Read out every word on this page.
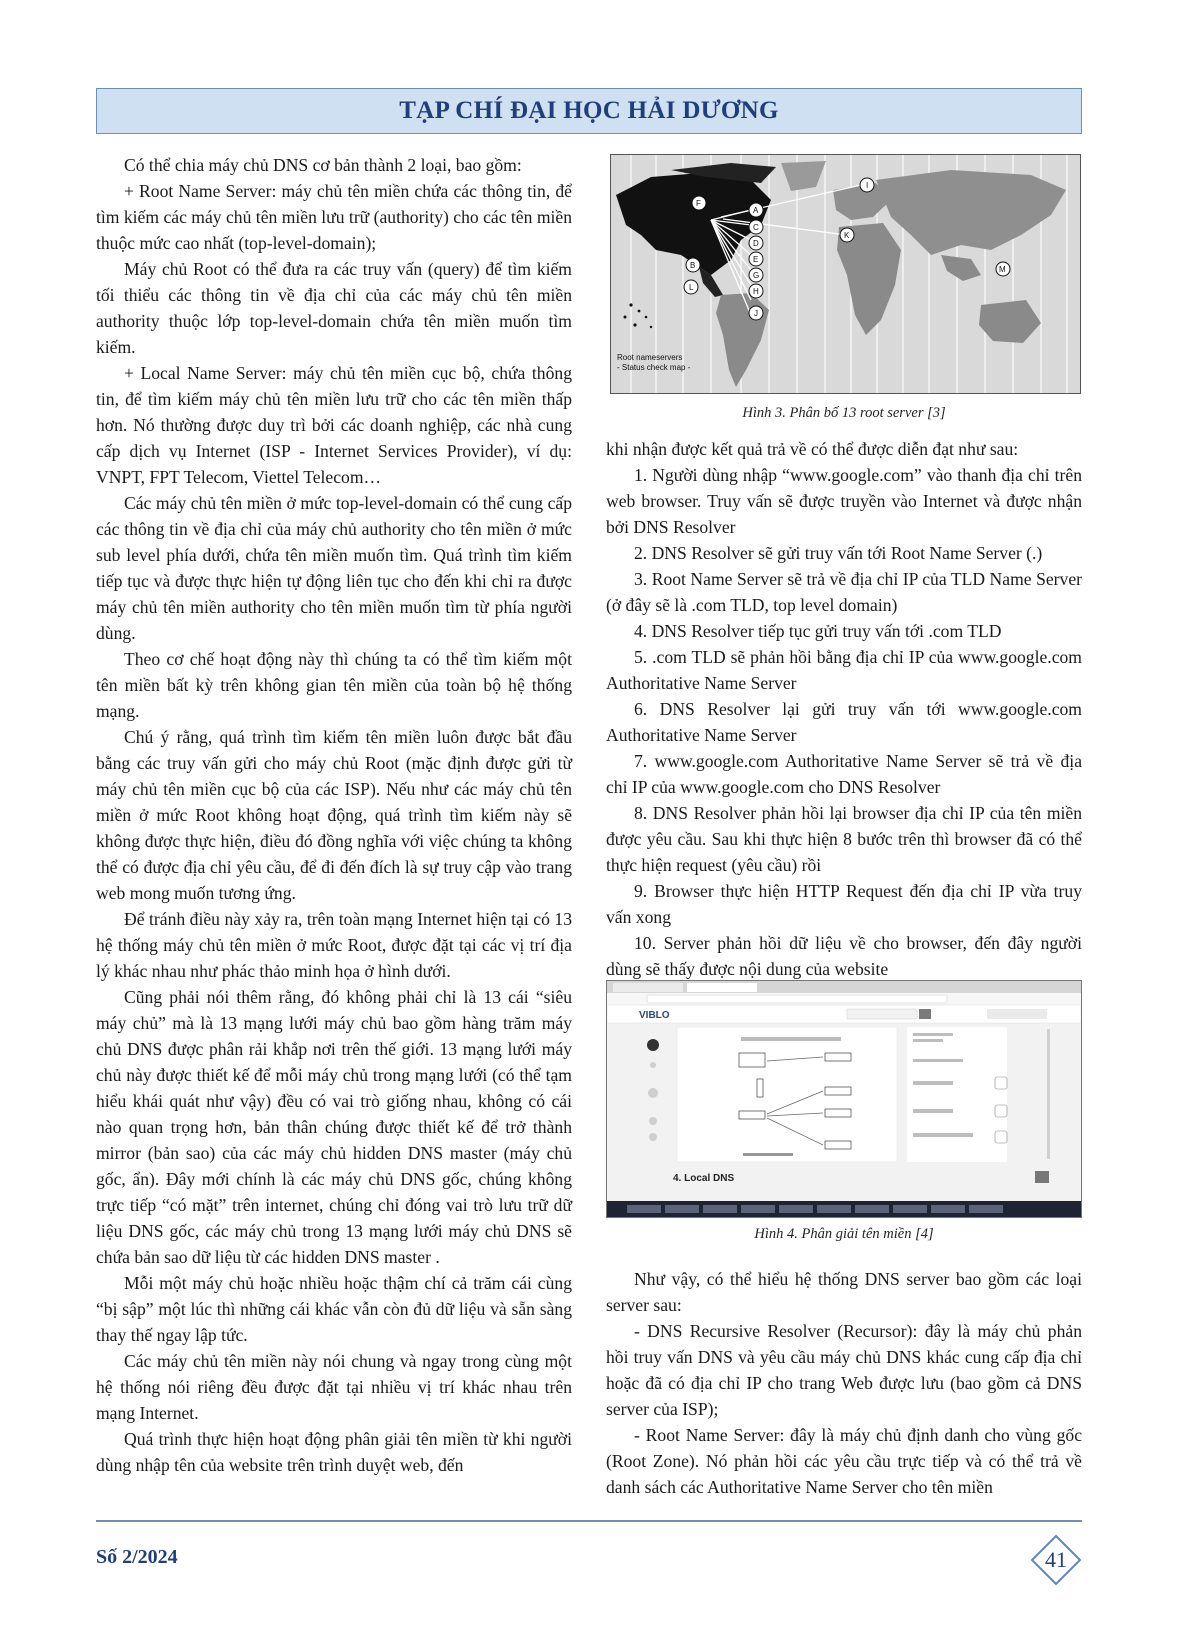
TẠP CHÍ ĐẠI HỌC HẢI DƯƠNG

Có thể chia máy chủ DNS cơ bản thành 2 loại, bao gồm:

+ Root Name Server: máy chủ tên miền chứa các thông tin, để tìm kiếm các máy chủ tên miền lưu trữ (authority) cho các tên miền thuộc mức cao nhất (top-level-domain);

Máy chủ Root có thể đưa ra các truy vấn (query) để tìm kiếm tối thiểu các thông tin về địa chỉ của các máy chủ tên miền authority thuộc lớp top-level-domain chứa tên miền muốn tìm kiếm.

+ Local Name Server: máy chủ tên miền cục bộ, chứa thông tin, để tìm kiếm máy chủ tên miền lưu trữ cho các tên miền thấp hơn. Nó thường được duy trì bởi các doanh nghiệp, các nhà cung cấp dịch vụ Internet (ISP - Internet Services Provider), ví dụ: VNPT, FPT Telecom, Viettel Telecom…

Các máy chủ tên miền ở mức top-level-domain có thể cung cấp các thông tin về địa chỉ của máy chủ authority cho tên miền ở mức sub level phía dưới, chứa tên miền muốn tìm. Quá trình tìm kiếm tiếp tục và được thực hiện tự động liên tục cho đến khi chỉ ra được máy chủ tên miền authority cho tên miền muốn tìm từ phía người dùng.

Theo cơ chế hoạt động này thì chúng ta có thể tìm kiếm một tên miền bất kỳ trên không gian tên miền của toàn bộ hệ thống mạng.

Chú ý rằng, quá trình tìm kiếm tên miền luôn được bắt đầu bằng các truy vấn gửi cho máy chủ Root (mặc định được gửi từ máy chủ tên miền cục bộ của các ISP). Nếu như các máy chủ tên miền ở mức Root không hoạt động, quá trình tìm kiếm này sẽ không được thực hiện, điều đó đồng nghĩa với việc chúng ta không thể có được địa chỉ yêu cầu, để đi đến đích là sự truy cập vào trang web mong muốn tương ứng.

Để tránh điều này xảy ra, trên toàn mạng Internet hiện tại có 13 hệ thống máy chủ tên miền ở mức Root, được đặt tại các vị trí địa lý khác nhau như phác thảo minh họa ở hình dưới.

Cũng phải nói thêm rằng, đó không phải chỉ là 13 cái “siêu máy chủ” mà là 13 mạng lưới máy chủ bao gồm hàng trăm máy chủ DNS được phân rải khắp nơi trên thế giới. 13 mạng lưới máy chủ này được thiết kế để mỗi máy chủ trong mạng lưới (có thể tạm hiểu khái quát như vậy) đều có vai trò giống nhau, không có cái nào quan trọng hơn, bản thân chúng được thiết kế để trở thành mirror (bản sao) của các máy chủ hidden DNS master (máy chủ gốc, ẩn). Đây mới chính là các máy chủ DNS gốc, chúng không trực tiếp “có mặt” trên internet, chúng chỉ đóng vai trò lưu trữ dữ liệu DNS gốc, các máy chủ trong 13 mạng lưới máy chủ DNS sẽ chứa bản sao dữ liệu từ các hidden DNS master .

Mỗi một máy chủ hoặc nhiều hoặc thậm chí cả trăm cái cùng “bị sập” một lúc thì những cái khác vẫn còn đủ dữ liệu và sẵn sàng thay thế ngay lập tức.

Các máy chủ tên miền này nói chung và ngay trong cùng một hệ thống nói riêng đều được đặt tại nhiều vị trí khác nhau trên mạng Internet.

Quá trình thực hiện hoạt động phân giải tên miền từ khi người dùng nhập tên của website trên trình duyệt web, đến

F
A
C
D
E
G
H
J
B
L
I
K
M
Root nameservers
- Status check map -
Hình 3. Phân bố 13 root server [3]

khi nhận được kết quả trả về có thể được diễn đạt như sau:

1. Người dùng nhập “www.google.com” vào thanh địa chỉ trên web browser. Truy vấn sẽ được truyền vào Internet và được nhận bởi DNS Resolver

2. DNS Resolver sẽ gửi truy vấn tới Root Name Server (.)

3. Root Name Server sẽ trả về địa chỉ IP của TLD Name Server (ở đây sẽ là .com TLD, top level domain)

4. DNS Resolver tiếp tục gửi truy vấn tới .com TLD

5. .com TLD sẽ phản hồi bằng địa chỉ IP của www.google.com Authoritative Name Server

6. DNS Resolver lại gửi truy vấn tới www.google.com Authoritative Name Server

7. www.google.com Authoritative Name Server sẽ trả về địa chỉ IP của www.google.com cho DNS Resolver

8. DNS Resolver phản hồi lại browser địa chỉ IP của tên miền được yêu cầu. Sau khi thực hiện 8 bước trên thì browser đã có thể thực hiện request (yêu cầu) rồi

9. Browser thực hiện HTTP Request đến địa chỉ IP vừa truy vấn xong

10. Server phản hồi dữ liệu về cho browser, đến đây người dùng sẽ thấy được nội dung của website

VIBLO
4. Local DNS
Hình 4. Phân giải tên miền [4]

Như vậy, có thể hiểu hệ thống DNS server bao gồm các loại server sau:

- DNS Recursive Resolver (Recursor): đây là máy chủ phản hồi truy vấn DNS và yêu cầu máy chủ DNS khác cung cấp địa chỉ hoặc đã có địa chỉ IP cho trang Web được lưu (bao gồm cả DNS server của ISP);

- Root Name Server: đây là máy chủ định danh cho vùng gốc (Root Zone). Nó phản hồi các yêu cầu trực tiếp và có thể trả về danh sách các Authoritative Name Server cho tên miền

Số 2/2024	41
